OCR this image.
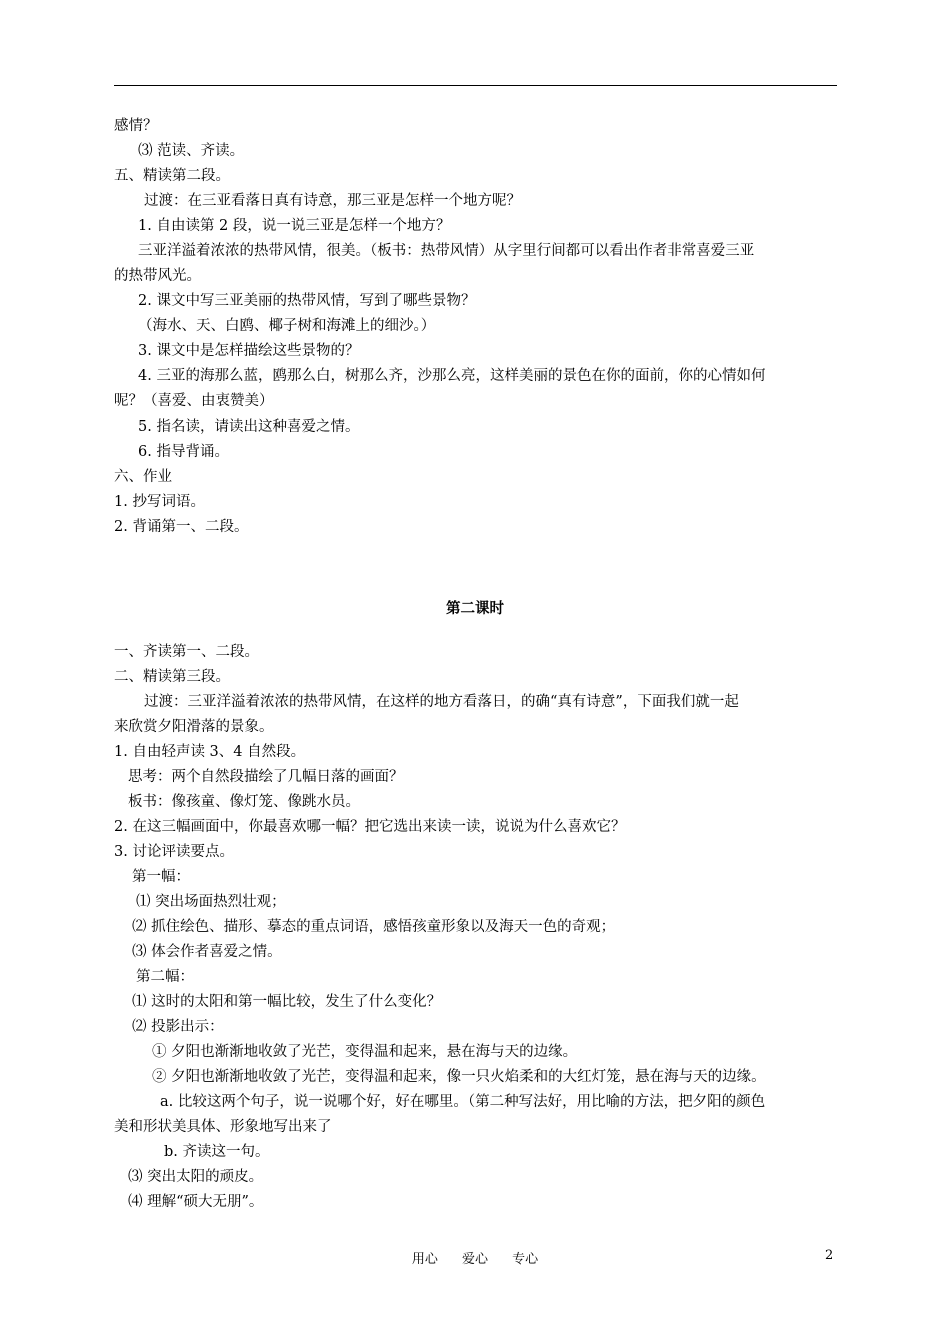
感情？
⑶ 范读、齐读。
五、精读第二段。
过渡：在三亚看落日真有诗意，那三亚是怎样一个地方呢？
1. 自由读第 2 段，说一说三亚是怎样一个地方？
三亚洋溢着浓浓的热带风情，很美。（板书：热带风情）从字里行间都可以看出作者非常喜爱三亚
的热带风光。
2. 课文中写三亚美丽的热带风情，写到了哪些景物？
（海水、天、白鸥、椰子树和海滩上的细沙。）
3. 课文中是怎样描绘这些景物的？
4. 三亚的海那么蓝，鸥那么白，树那么齐，沙那么亮，这样美丽的景色在你的面前，你的心情如何
呢？（喜爱、由衷赞美）
5. 指名读，请读出这种喜爱之情。
6. 指导背诵。
六、作业
1. 抄写词语。
2. 背诵第一、二段。
一、齐读第一、二段。
二、精读第三段。
过渡：三亚洋溢着浓浓的热带风情，在这样的地方看落日，的确“真有诗意”，下面我们就一起
来欣赏夕阳滑落的景象。
1. 自由轻声读 3、4 自然段。
思考：两个自然段描绘了几幅日落的画面？
板书：像孩童、像灯笼、像跳水员。
2. 在这三幅画面中，你最喜欢哪一幅？把它选出来读一读，说说为什么喜欢它？
3. 讨论评读要点。
第一幅：
⑴ 突出场面热烈壮观；
⑵ 抓住绘色、描形、摹态的重点词语，感悟孩童形象以及海天一色的奇观；
⑶ 体会作者喜爱之情。
第二幅：
⑴ 这时的太阳和第一幅比较，发生了什么变化？
⑵ 投影出示：
① 夕阳也渐渐地收敛了光芒，变得温和起来，悬在海与天的边缘。
② 夕阳也渐渐地收敛了光芒，变得温和起来，像一只火焰柔和的大红灯笼，悬在海与天的边缘。
a. 比较这两个句子，说一说哪个好，好在哪里。（第二种写法好，用比喻的方法，把夕阳的颜色
美和形状美具体、形象地写出来了
b. 齐读这一句。
⑶ 突出太阳的顽皮。
⑷ 理解“硕大无朋”。
第二课时
用心 爱心 专心	2
